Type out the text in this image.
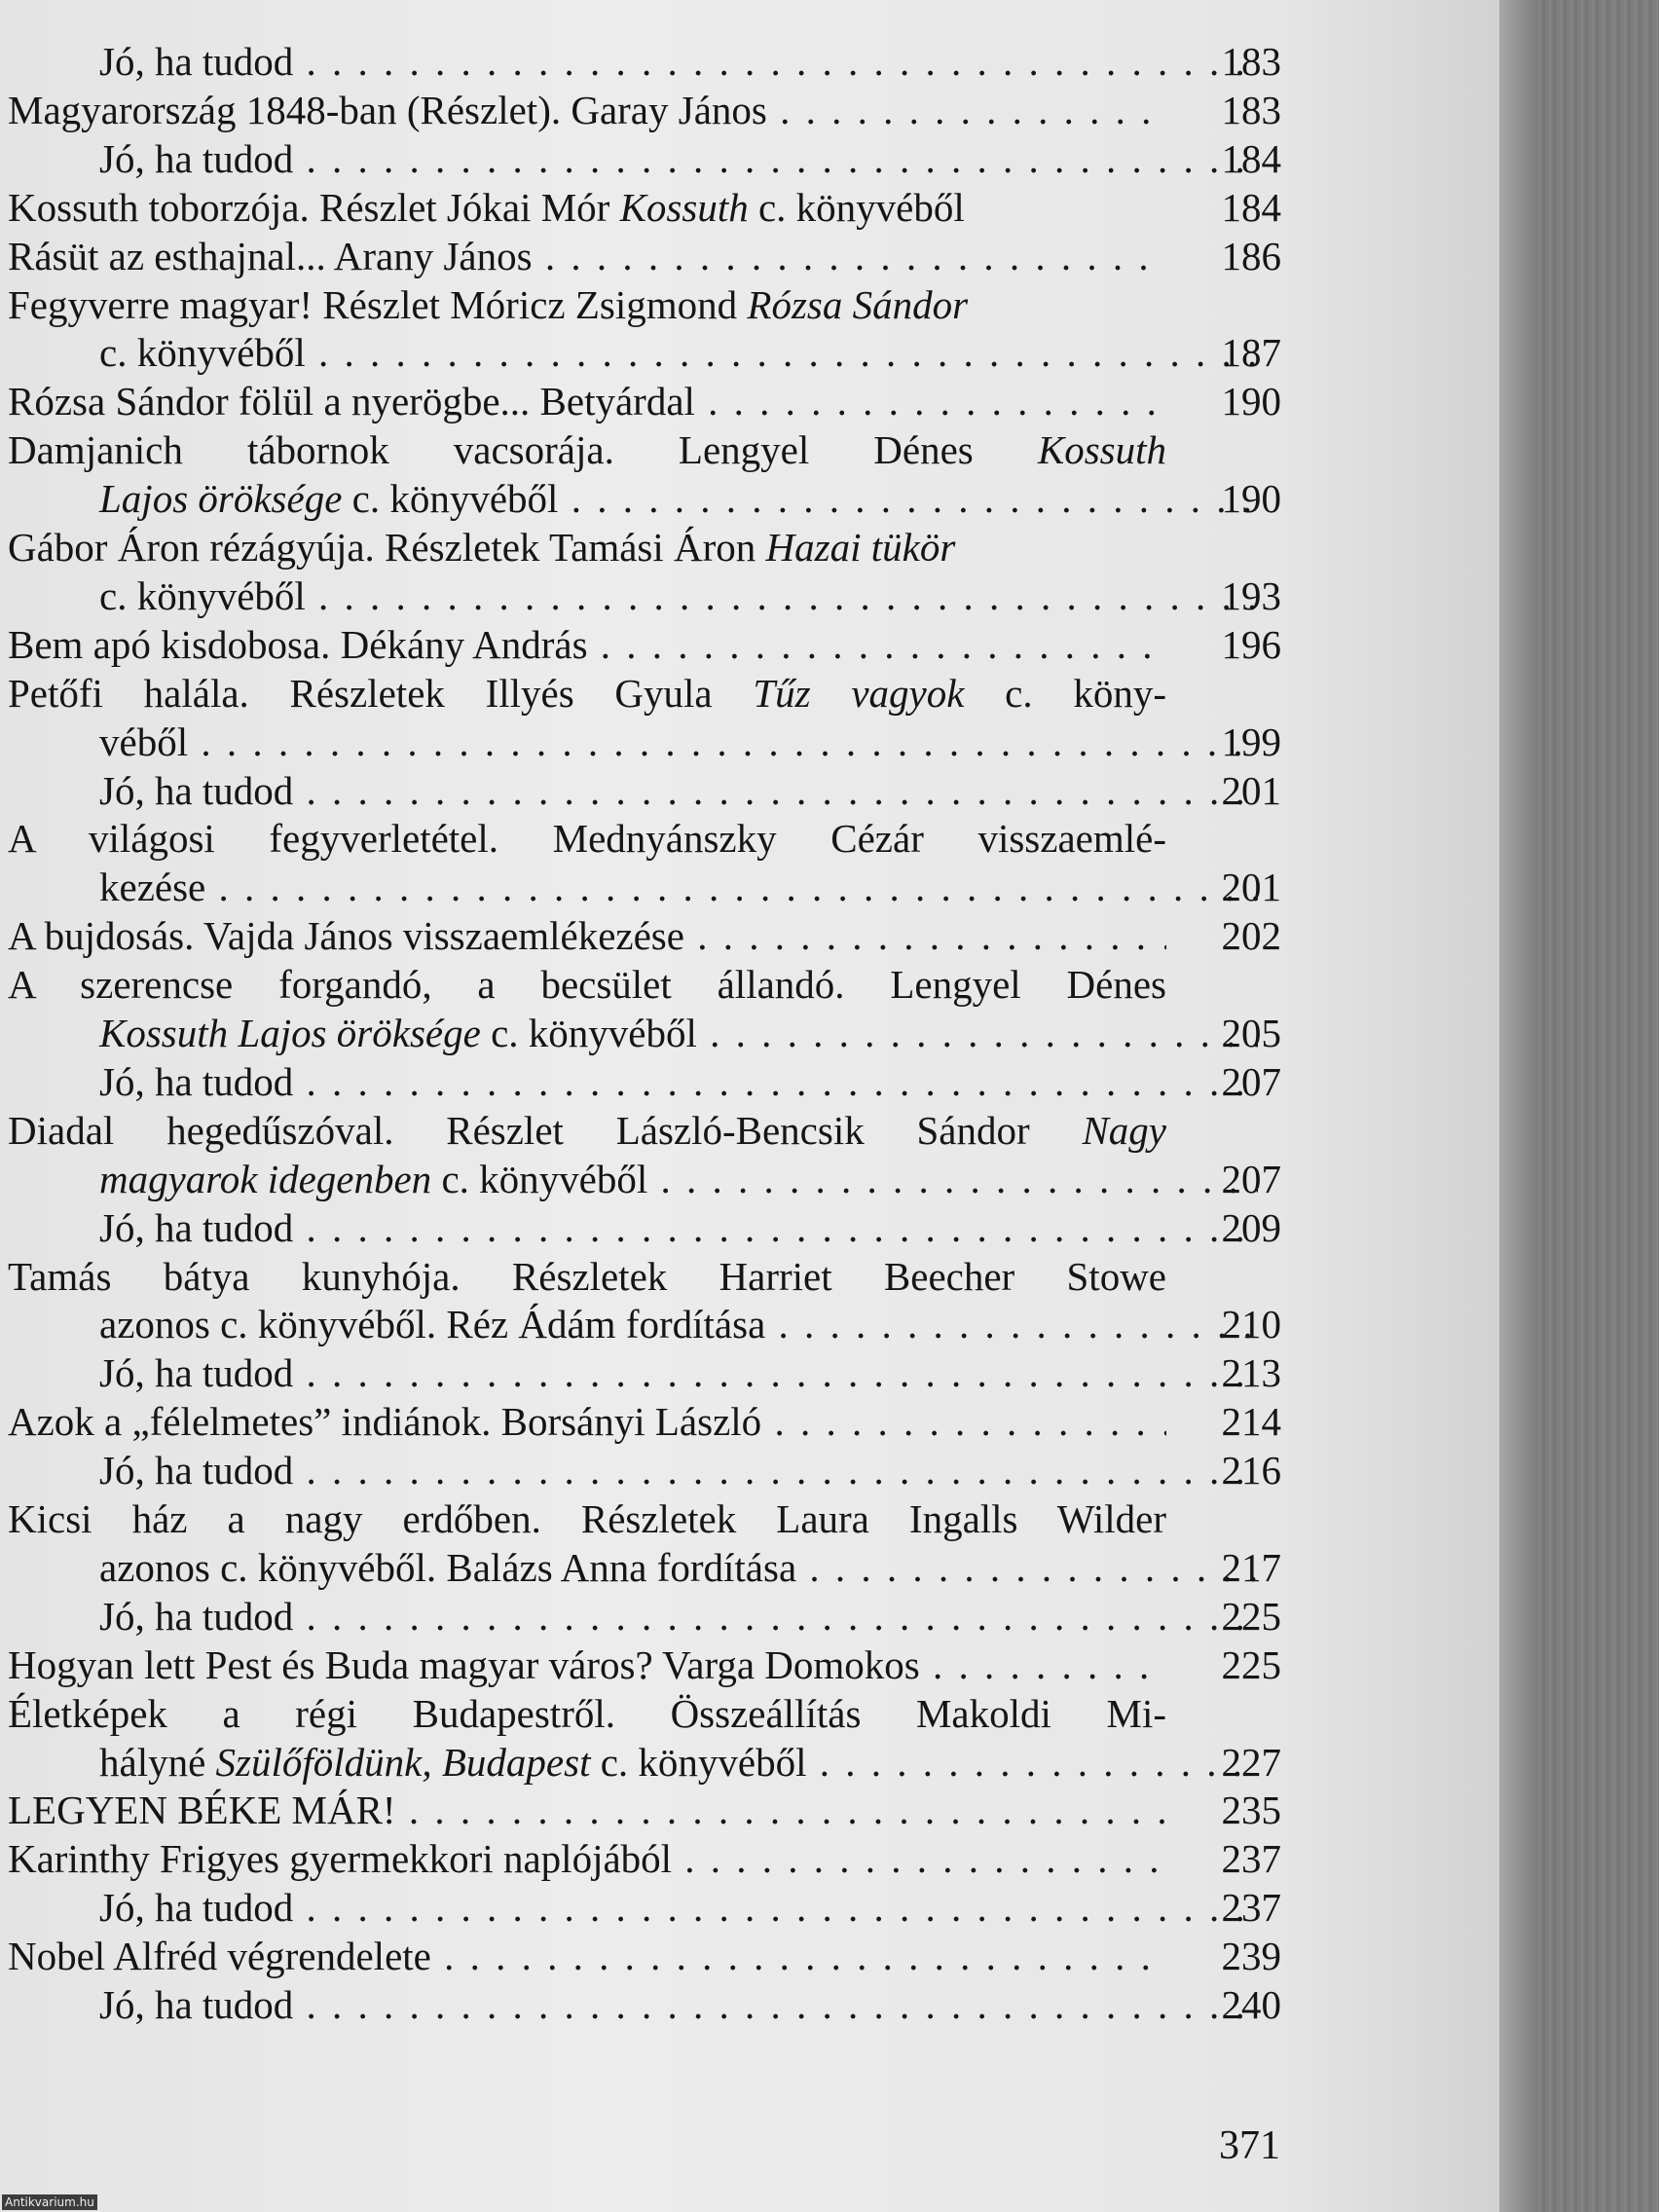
Jó, ha tudod . . .	183
Magyarország 1848-ban (Részlet). Garay János . . .	183
Jó, ha tudod . . .	184
Kossuth toborzója. Részlet Jókai Mór Kossuth c. könyvéből	184
Rásüt az esthajnal... Arany János . . .	186
Fegyverre magyar! Részlet Móricz Zsigmond Rózsa Sándor
c. könyvéből . . .	187
Rózsa Sándor fölül a nyerögbe... Betyárdal . . .	190
Damjanich tábornok vacsorája. Lengyel Dénes Kossuth
Lajos öröksége c. könyvéből . . .	190
Gábor Áron rézágyúja. Részletek Tamási Áron Hazai tükör
c. könyvéből . . .	193
Bem apó kisdobosa. Dékány András . . .	196
Petőfi halála. Részletek Illyés Gyula Tűz vagyok c. köny-
véből . . .	199
Jó, ha tudod . . .	201
A világosi fegyverletétel. Mednyánszky Cézár visszaemlé-
kezése . . .	201
A bujdosás. Vajda János visszaemlékezése . . .	202
A szerencse forgandó, a becsület állandó. Lengyel Dénes
Kossuth Lajos öröksége c. könyvéből . . .	205
Jó, ha tudod . . .	207
Diadal hegedűszóval. Részlet László-Bencsik Sándor Nagy
magyarok idegenben c. könyvéből . . .	207
Jó, ha tudod . . .	209
Tamás bátya kunyhója. Részletek Harriet Beecher Stowe
azonos c. könyvéből. Réz Ádám fordítása . . .	210
Jó, ha tudod . . .	213
Azok a „félelmetes” indiánok. Borsányi László . . .	214
Jó, ha tudod . . .	216
Kicsi ház a nagy erdőben. Részletek Laura Ingalls Wilder
azonos c. könyvéből. Balázs Anna fordítása . . .	217
Jó, ha tudod . . .	225
Hogyan lett Pest és Buda magyar város? Varga Domokos . . .	225
Életképek a régi Budapestről. Összeállítás Makoldi Mi-
hályné Szülőföldünk, Budapest c. könyvéből . . .	227
LEGYEN BÉKE MÁR! . . .	235
Karinthy Frigyes gyermekkori naplójából . . .	237
Jó, ha tudod . . .	237
Nobel Alfréd végrendelete . . .	239
Jó, ha tudod . . .	240
371
Antikvarium.hu
